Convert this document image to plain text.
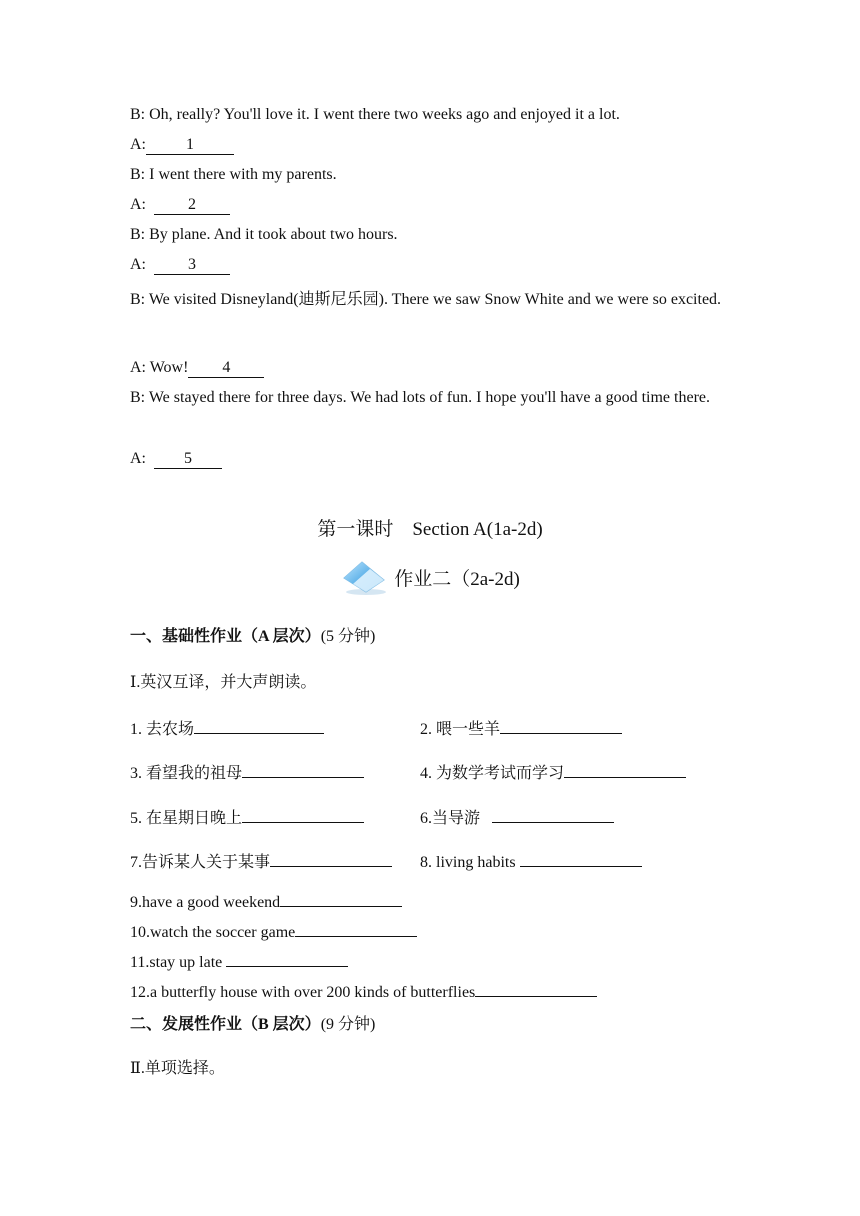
B: Oh, really? You'll love it. I went there two weeks ago and enjoyed it a lot.
A:	1
B: I went there with my parents.
A:	2
B: By plane. And it took about two hours.
A:	3
B: We visited Disneyland(迪斯尼乐园). There we saw Snow White and we were so excited.
A: Wow! 4
B: We stayed there for three days. We had lots of fun. I hope you'll have a good time there.
A: 5
第一课时　Section A(1a-2d)
作业二（2a-2d)
一、基础性作业（A 层次）(5 分钟)
Ⅰ.英汉互译，并大声朗读。
1. 去农场	2. 喂一些羊
3. 看望我的祖母	4. 为数学考试而学习
5. 在星期日晚上	6.当导游
7.告诉某人关于某事	8. living habits
9.have a good weekend
10.watch the soccer game
11.stay up late
12.a butterfly house with over 200 kinds of butterflies
二、发展性作业（B 层次）(9 分钟)
Ⅱ.单项选择。
